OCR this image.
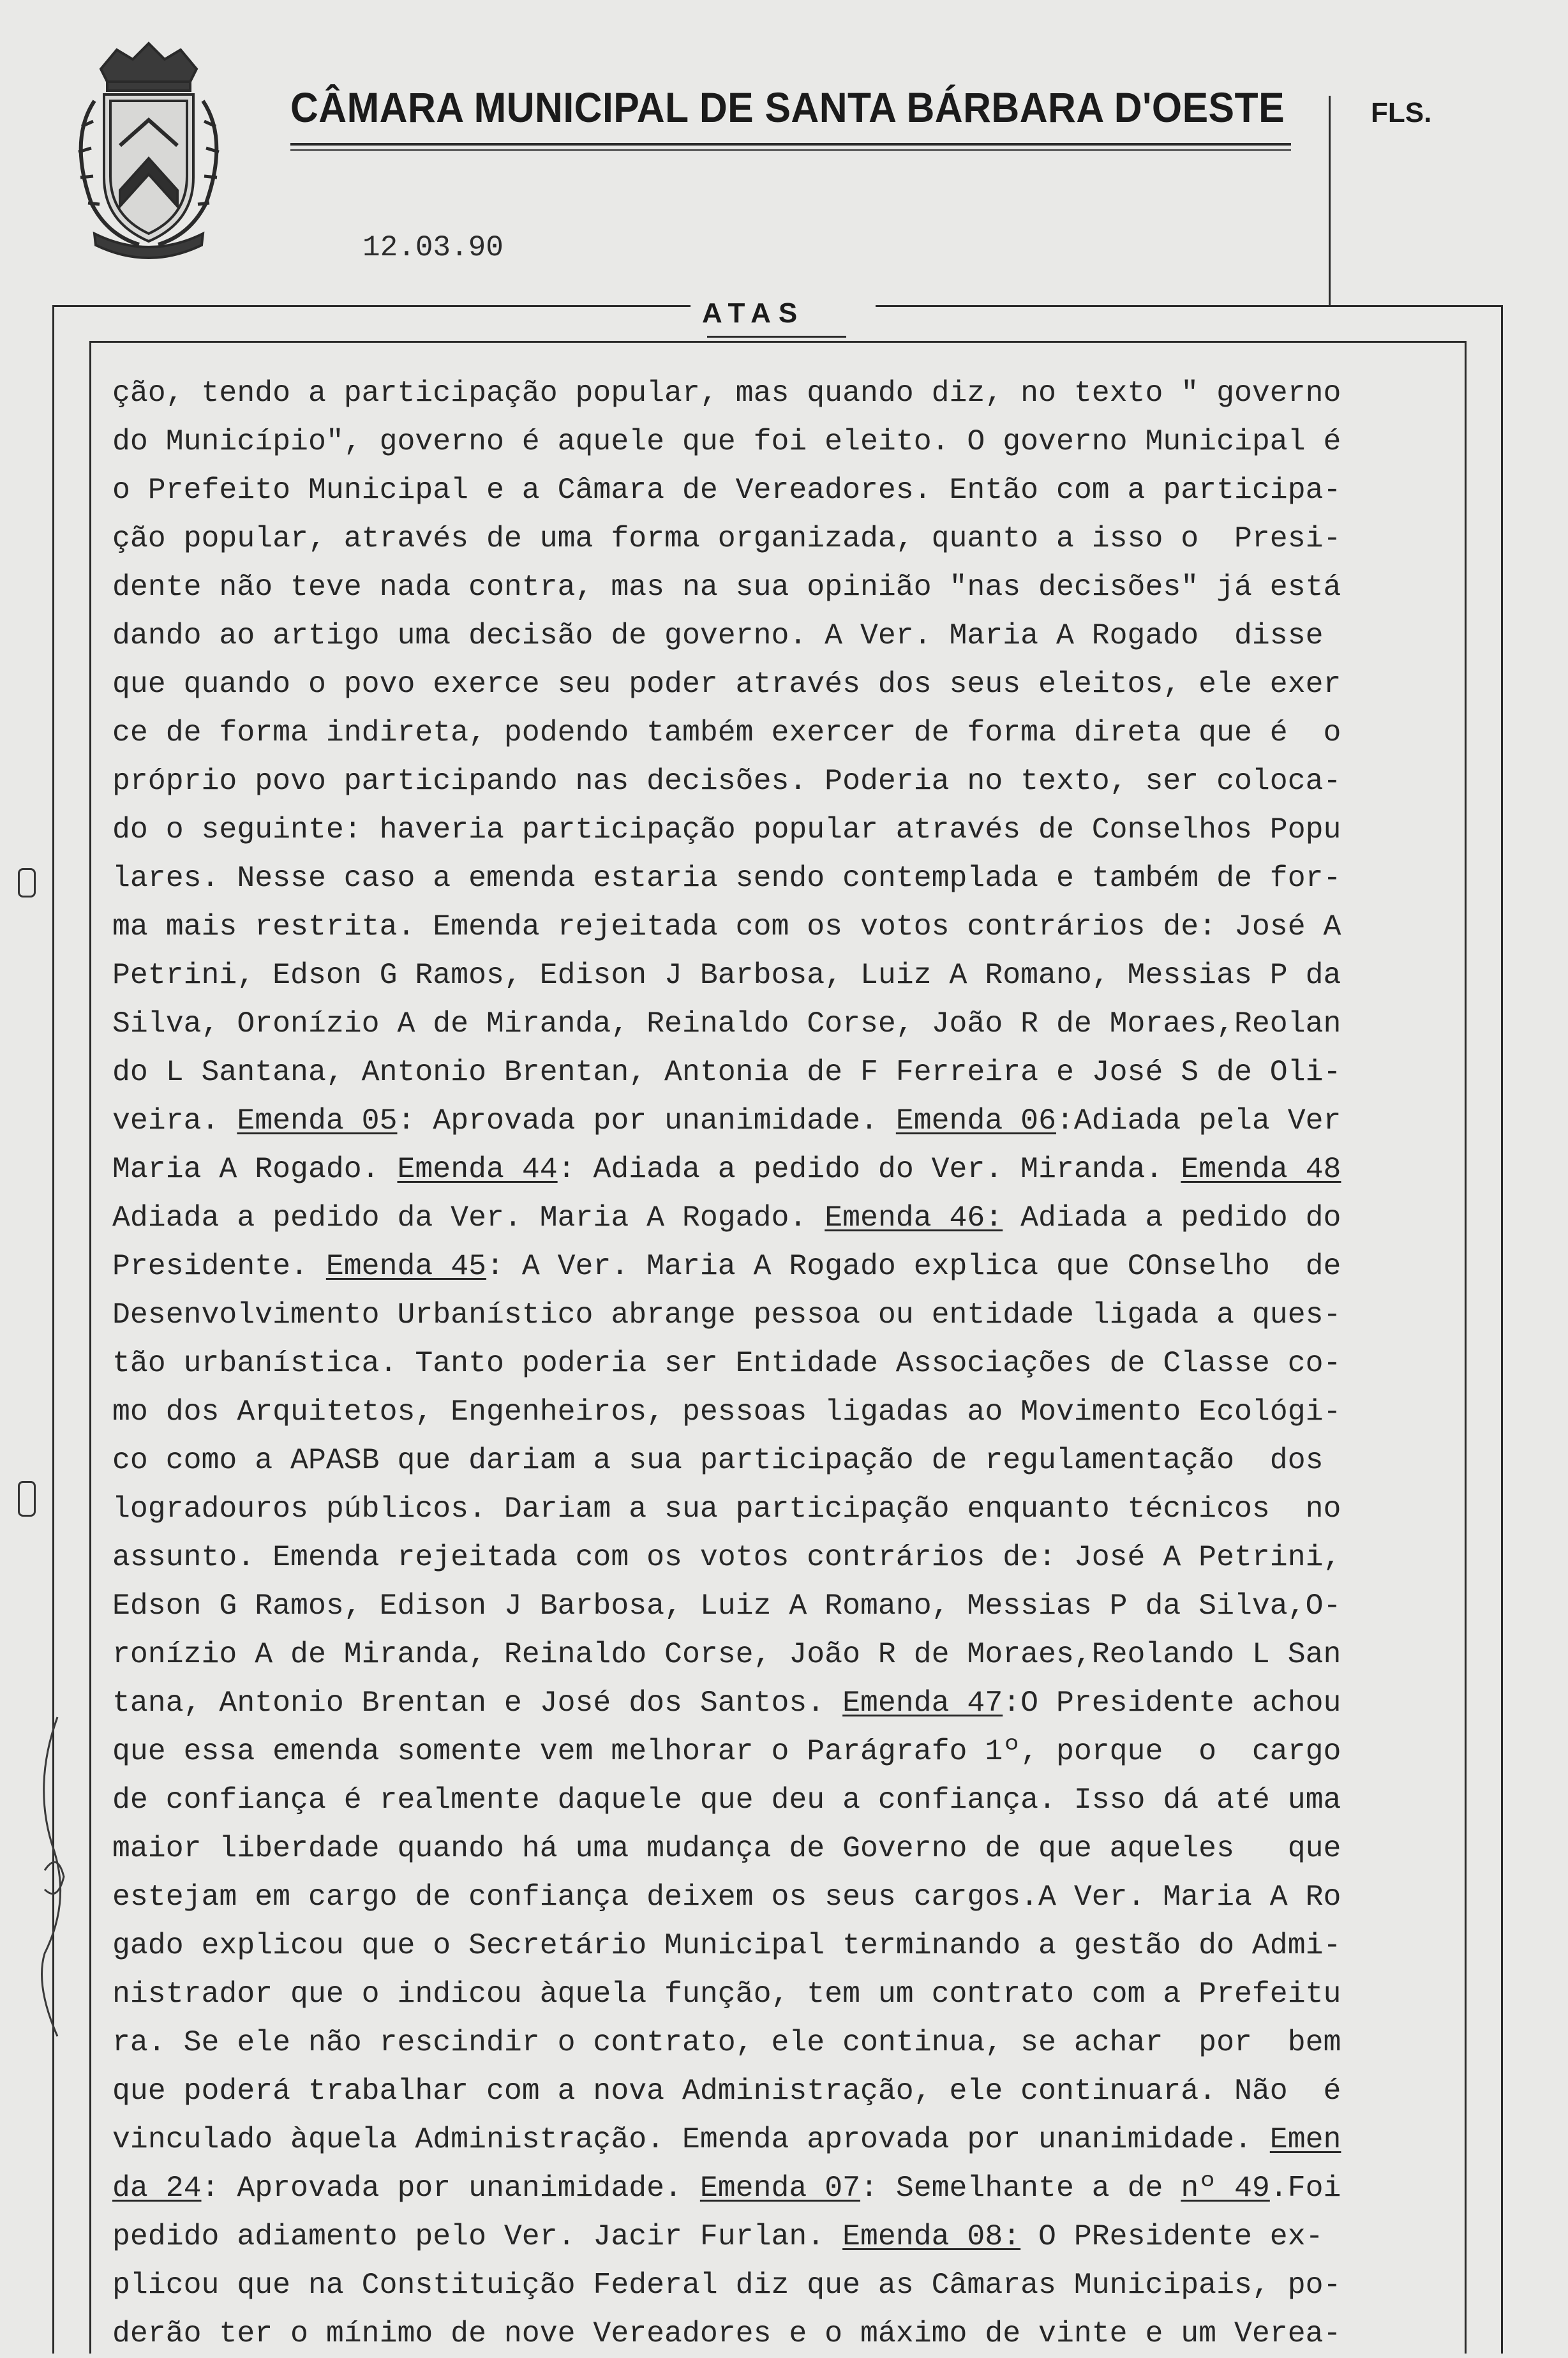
CÂMARA MUNICIPAL DE SANTA BÁRBARA D'OESTE	FLS.
12.03.90
ATAS
ção, tendo a participação popular, mas quando diz, no texto " governo
do Município", governo é aquele que foi eleito. O governo Municipal é
o Prefeito Municipal e a Câmara de Vereadores. Então com a participa-
ção popular, através de uma forma organizada, quanto a isso o  Presi-
dente não teve nada contra, mas na sua opinião "nas decisões" já está
dando ao artigo uma decisão de governo. A Ver. Maria A Rogado  disse
que quando o povo exerce seu poder através dos seus eleitos, ele exer
ce de forma indireta, podendo também exercer de forma direta que é  o
próprio povo participando nas decisões. Poderia no texto, ser coloca-
do o seguinte: haveria participação popular através de Conselhos Popu
lares. Nesse caso a emenda estaria sendo contemplada e também de for-
ma mais restrita. Emenda rejeitada com os votos contrários de: José A
Petrini, Edson G Ramos, Edison J Barbosa, Luiz A Romano, Messias P da
Silva, Oronízio A de Miranda, Reinaldo Corse, João R de Moraes,Reolan
do L Santana, Antonio Brentan, Antonia de F Ferreira e José S de Oli-
veira. Emenda 05: Aprovada por unanimidade. Emenda 06:Adiada pela Ver
Maria A Rogado. Emenda 44: Adiada a pedido do Ver. Miranda. Emenda 48
Adiada a pedido da Ver. Maria A Rogado. Emenda 46: Adiada a pedido do
Presidente. Emenda 45: A Ver. Maria A Rogado explica que COnselho  de
Desenvolvimento Urbanístico abrange pessoa ou entidade ligada a ques-
tão urbanística. Tanto poderia ser Entidade Associações de Classe co-
mo dos Arquitetos, Engenheiros, pessoas ligadas ao Movimento Ecológi-
co como a APASB que dariam a sua participação de regulamentação  dos
logradouros públicos. Dariam a sua participação enquanto técnicos  no
assunto. Emenda rejeitada com os votos contrários de: José A Petrini,
Edson G Ramos, Edison J Barbosa, Luiz A Romano, Messias P da Silva,O-
ronízio A de Miranda, Reinaldo Corse, João R de Moraes,Reolando L San
tana, Antonio Brentan e José dos Santos. Emenda 47:O Presidente achou
que essa emenda somente vem melhorar o Parágrafo 1º, porque  o  cargo
de confiança é realmente daquele que deu a confiança. Isso dá até uma
maior liberdade quando há uma mudança de Governo de que aqueles   que
estejam em cargo de confiança deixem os seus cargos.A Ver. Maria A Ro
gado explicou que o Secretário Municipal terminando a gestão do Admi-
nistrador que o indicou àquela função, tem um contrato com a Prefeitu
ra. Se ele não rescindir o contrato, ele continua, se achar  por  bem
que poderá trabalhar com a nova Administração, ele continuará. Não  é
vinculado àquela Administração. Emenda aprovada por unanimidade. Emen
da 24: Aprovada por unanimidade. Emenda 07: Semelhante a de nº 49.Foi
pedido adiamento pelo Ver. Jacir Furlan. Emenda 08: O PResidente ex-
plicou que na Constituição Federal diz que as Câmaras Municipais, po-
derão ter o mínimo de nove Vereadores e o máximo de vinte e um Verea-
